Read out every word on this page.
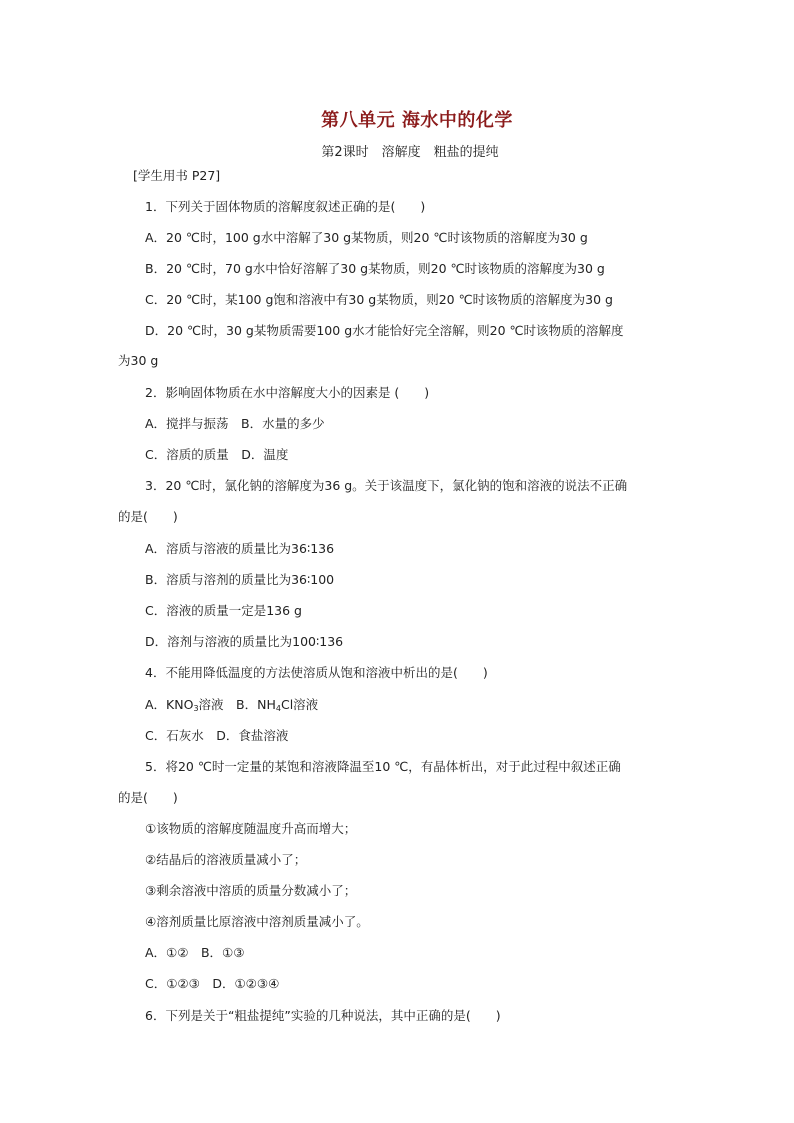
第八单元 海水中的化学
第2课时　溶解度　粗盐的提纯
[学生用书 P27]
1．下列关于固体物质的溶解度叙述正确的是(　　)
A．20 ℃时，100 g水中溶解了30 g某物质，则20 ℃时该物质的溶解度为30 g
B．20 ℃时，70 g水中恰好溶解了30 g某物质，则20 ℃时该物质的溶解度为30 g
C．20 ℃时，某100 g饱和溶液中有30 g某物质，则20 ℃时该物质的溶解度为30 g
D．20 ℃时，30 g某物质需要100 g水才能恰好完全溶解，则20 ℃时该物质的溶解度
为30 g
2．影响固体物质在水中溶解度大小的因素是 (　　)
A．搅拌与振荡　B．水量的多少
C．溶质的质量　D．温度
3．20 ℃时，氯化钠的溶解度为36 g。关于该温度下，氯化钠的饱和溶液的说法不正确
的是(　　)
A．溶质与溶液的质量比为36∶136
B．溶质与溶剂的质量比为36∶100
C．溶液的质量一定是136 g
D．溶剂与溶液的质量比为100∶136
4．不能用降低温度的方法使溶质从饱和溶液中析出的是(　　)
A．$KNO_3$溶液　B．$NH_4Cl$溶液
C．石灰水　D．食盐溶液
5．将20 ℃时一定量的某饱和溶液降温至10 ℃，有晶体析出，对于此过程中叙述正确
的是(　　)
①该物质的溶解度随温度升高而增大；
②结晶后的溶液质量减小了；
③剩余溶液中溶质的质量分数减小了；
④溶剂质量比原溶液中溶剂质量减小了。
A．①②　B．①③
C．①②③　D．①②③④
6．下列是关于“粗盐提纯”实验的几种说法，其中正确的是(　　)
